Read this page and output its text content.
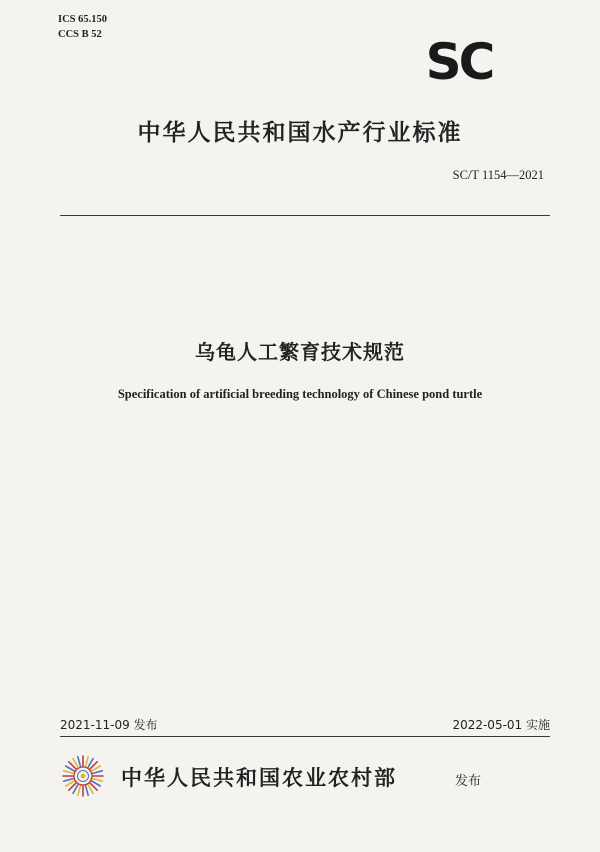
ICS 65.150
CCS B 52	SC
中华人民共和国水产行业标准
SC/T 1154—2021
乌龟人工繁育技术规范
Specification of artificial breeding technology of Chinese pond turtle
2021-11-09 发布	2022-05-01 实施
中华人民共和国农业农村部	发布
